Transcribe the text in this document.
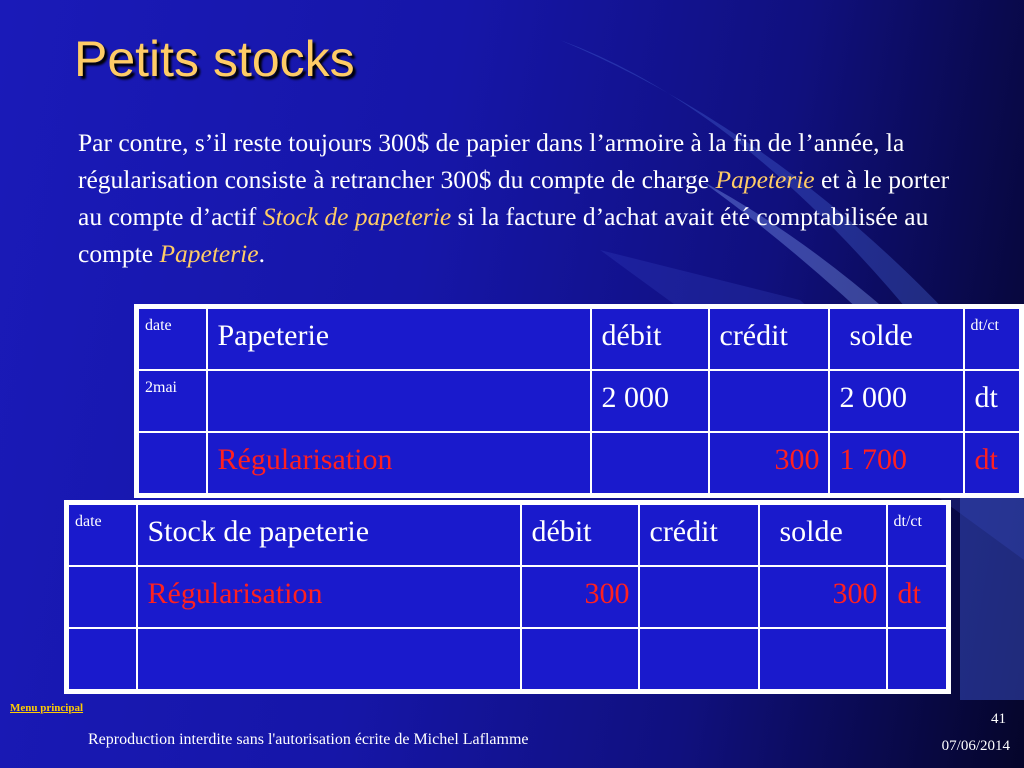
Petits stocks
Par contre, s’il reste toujours 300$ de papier dans l’armoire à la fin de l’année, la régularisation consiste à retrancher 300$ du compte de charge Papeterie et à le porter au compte d’actif Stock de papeterie si la facture d’achat avait été comptabilisée au compte Papeterie.
date	Papeterie	débit	crédit	solde	dt/ct

2mai		2 000		2 000	dt

	Régularisation		300	1 700	dt
date	Stock de papeterie	débit	crédit	solde	dt/ct

	Régularisation	300		300	dt

Menu principal
Reproduction interdite sans l'autorisation écrite de Michel Laflamme
41
07/06/2014
